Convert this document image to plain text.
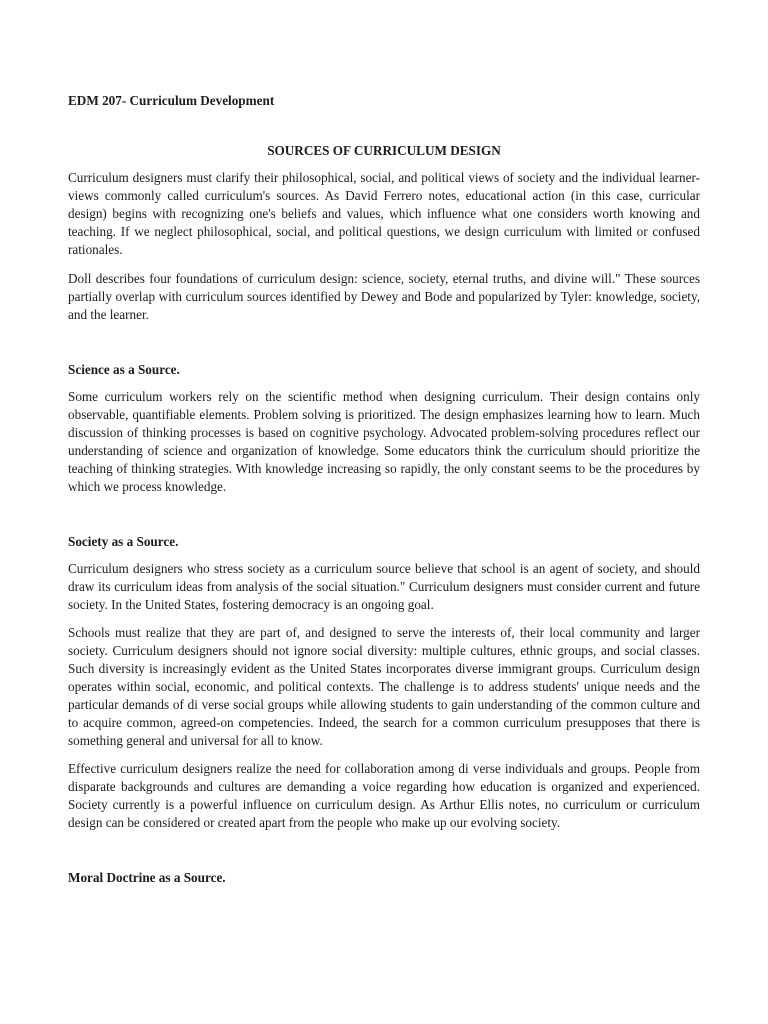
EDM 207- Curriculum Development
SOURCES OF CURRICULUM DESIGN

Curriculum designers must clarify their philosophical, social, and political views of society and the individual learner-views commonly called curriculum's sources. As David Ferrero notes, educational action (in this case, curricular design) begins with recognizing one's beliefs and values, which influence what one considers worth knowing and teaching. If we neglect philosophical, social, and political questions, we design curriculum with limited or confused rationales.

Doll describes four foundations of curriculum design: science, society, eternal truths, and divine will." These sources partially overlap with curriculum sources identified by Dewey and Bode and popularized by Tyler: knowledge, society, and the learner.

Science as a Source.

Some curriculum workers rely on the scientific method when designing curriculum. Their design contains only observable, quantifiable elements. Problem solving is prioritized. The design emphasizes learning how to learn. Much discussion of thinking processes is based on cognitive psychology. Advocated problem-solving procedures reflect our understanding of science and organization of knowledge. Some educators think the curriculum should prioritize the teaching of thinking strategies. With knowledge increasing so rapidly, the only constant seems to be the procedures by which we process knowledge.

Society as a Source.

Curriculum designers who stress society as a curriculum source believe that school is an agent of society, and should draw its curriculum ideas from analysis of the social situation." Curriculum designers must consider current and future society. In the United States, fostering democracy is an ongoing goal.

Schools must realize that they are part of, and designed to serve the interests of, their local community and larger society. Curriculum designers should not ignore social diversity: multiple cultures, ethnic groups, and social classes. Such diversity is increasingly evident as the United States incorporates diverse immigrant groups. Curriculum design operates within social, economic, and political contexts. The challenge is to address students' unique needs and the particular demands of di verse social groups while allowing students to gain understanding of the common culture and to acquire common, agreed-on competencies. Indeed, the search for a common curriculum presupposes that there is something general and universal for all to know.

Effective curriculum designers realize the need for collaboration among di verse individuals and groups. People from disparate backgrounds and cultures are demanding a voice regarding how education is organized and experienced. Society currently is a powerful influence on curriculum design. As Arthur Ellis notes, no curriculum or curriculum design can be considered or created apart from the people who make up our evolving society.

Moral Doctrine as a Source.
